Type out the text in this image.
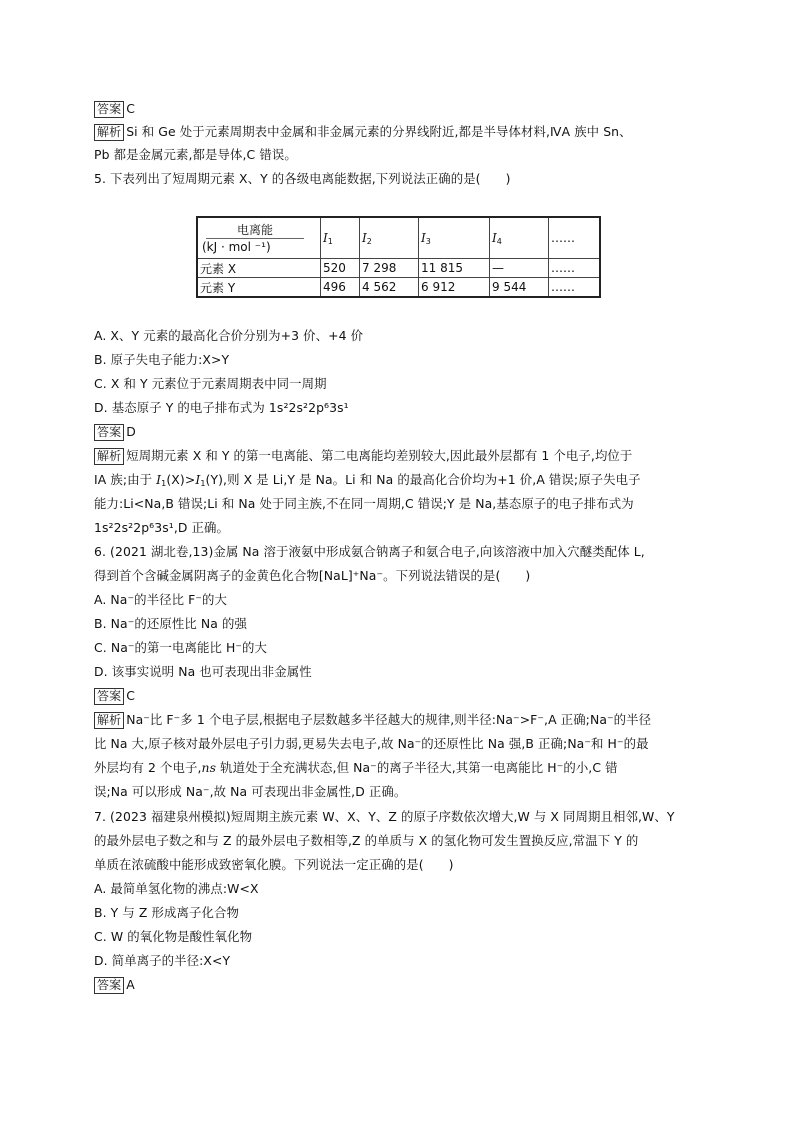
答案 C
解析 Si 和 Ge 处于元素周期表中金属和非金属元素的分界线附近,都是半导体材料,ⅣA 族中 Sn、
Pb 都是金属元素,都是导体,C 错误。
5. 下表列出了短周期元素 X、Y 的各级电离能数据,下列说法正确的是(　　)
电离能
(kJ · mol ⁻¹)	$I_1$	$I_2$	$I_3$	$I_4$	……
元素 X	520	7 298	11 815	—	……
元素 Y	496	4 562	6 912	9 544	……
A. X、Y 元素的最高化合价分别为+3 价、+4 价
B. 原子失电子能力:X>Y
C. X 和 Y 元素位于元素周期表中同一周期
D. 基态原子 Y 的电子排布式为 1s²2s²2p⁶3s¹
答案 D
解析 短周期元素 X 和 Y 的第一电离能、第二电离能均差别较大,因此最外层都有 1 个电子,均位于
ⅠA 族;由于 $I_1(X)>I_1(Y)$,则 X 是 Li,Y 是 Na。Li 和 Na 的最高化合价均为+1 价,A 错误;原子失电子
能力:Li<Na,B 错误;Li 和 Na 处于同主族,不在同一周期,C 错误;Y 是 Na,基态原子的电子排布式为
1s²2s²2p⁶3s¹,D 正确。
6. (2021 湖北卷,13)金属 Na 溶于液氨中形成氨合钠离子和氨合电子,向该溶液中加入穴醚类配体 L,
得到首个含碱金属阴离子的金黄色化合物[NaL]⁺Na⁻。下列说法错误的是(　　)
A. Na⁻的半径比 F⁻的大
B. Na⁻的还原性比 Na 的强
C. Na⁻的第一电离能比 H⁻的大
D. 该事实说明 Na 也可表现出非金属性
答案 C
解析 Na⁻比 F⁻多 1 个电子层,根据电子层数越多半径越大的规律,则半径:Na⁻>F⁻,A 正确;Na⁻的半径
比 Na 大,原子核对最外层电子引力弱,更易失去电子,故 Na⁻的还原性比 Na 强,B 正确;Na⁻和 H⁻的最
外层均有 2 个电子,ns 轨道处于全充满状态,但 Na⁻的离子半径大,其第一电离能比 H⁻的小,C 错
误;Na 可以形成 Na⁻,故 Na 可表现出非金属性,D 正确。
7. (2023 福建泉州模拟)短周期主族元素 W、X、Y、Z 的原子序数依次增大,W 与 X 同周期且相邻,W、Y
的最外层电子数之和与 Z 的最外层电子数相等,Z 的单质与 X 的氢化物可发生置换反应,常温下 Y 的
单质在浓硫酸中能形成致密氧化膜。下列说法一定正确的是(　　)
A. 最简单氢化物的沸点:W<X
B. Y 与 Z 形成离子化合物
C. W 的氧化物是酸性氧化物
D. 简单离子的半径:X<Y
答案 A
